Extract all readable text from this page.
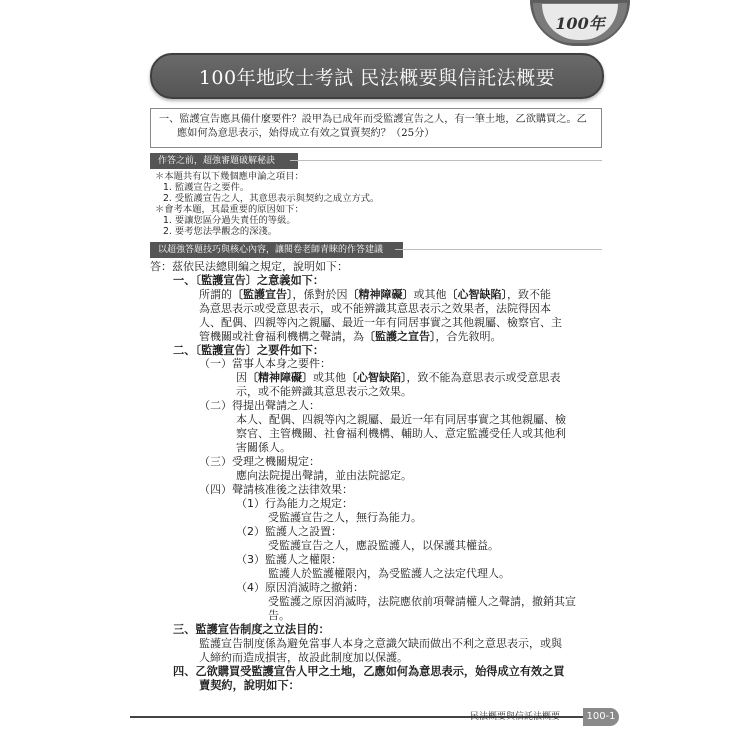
100年
100年地政士考試 民法概要與信託法概要

一、監護宣告應具備什麼要件？設甲為已成年而受監護宣告之人，有一筆土地，乙欲購買之。乙

應如何為意思表示，始得成立有效之買賣契約？（25分）

作答之前，超強審題破解秘訣
＊本題共有以下幾個應申論之項目：
1. 監護宣告之要件。
2. 受監護宣告之人，其意思表示與契約之成立方式。
＊會考本題，其最重要的原因如下：
1. 要讓您區分過失責任的等級。
2. 要考您法學觀念的深淺。
以超強答題技巧與核心內容，讓閱卷老師青睞的作答建議
答：茲依民法總則編之規定，說明如下：
一、〔監護宣告〕之意義如下：
所謂的〔監護宣告〕，係對於因〔精神障礙〕或其他〔心智缺陷〕，致不能
為意思表示或受意思表示，或不能辨識其意思表示之效果者，法院得因本
人、配偶、四親等內之親屬、最近一年有同居事實之其他親屬、檢察官、主
管機關或社會福利機構之聲請，為〔監護之宣告〕，合先敘明。
二、〔監護宣告〕之要件如下：
（一）當事人本身之要件：
因〔精神障礙〕或其他〔心智缺陷〕，致不能為意思表示或受意思表
示，或不能辨識其意思表示之效果。
（二）得提出聲請之人：
本人、配偶、四親等內之親屬、最近一年有同居事實之其他親屬、檢
察官、主管機關、社會福利機構、輔助人、意定監護受任人或其他利
害關係人。
（三）受理之機關規定：
應向法院提出聲請，並由法院認定。
（四）聲請核准後之法律效果：
（1）行為能力之規定：
受監護宣告之人，無行為能力。
（2）監護人之設置：
受監護宣告之人，應設監護人，以保護其權益。
（3）監護人之權限：
監護人於監護權限內，為受監護人之法定代理人。
（4）原因消滅時之撤銷：
受監護之原因消滅時，法院應依前項聲請權人之聲請，撤銷其宣
告。
三、監護宣告制度之立法目的：
監護宣告制度係為避免當事人本身之意識欠缺而做出不利之意思表示，或與
人締約而造成損害，故設此制度加以保護。
四、乙欲購買受監護宣告人甲之土地，乙應如何為意思表示，始得成立有效之買
賣契約，說明如下：
民法概要與信託法概要	100-1
